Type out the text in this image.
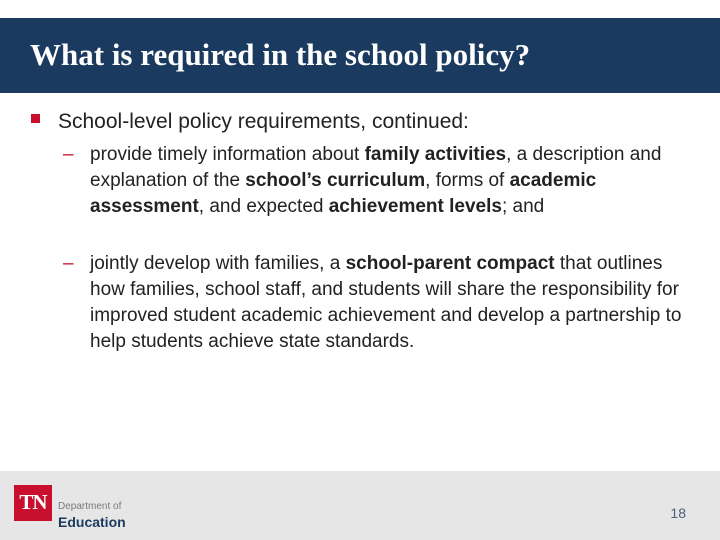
What is required in the school policy?
School-level policy requirements, continued:
– provide timely information about family activities, a description and explanation of the school’s curriculum, forms of academic assessment, and expected achievement levels; and
– jointly develop with families, a school-parent compact that outlines how families, school staff, and students will share the responsibility for improved student academic achievement and develop a partnership to help students achieve state standards.
TN	Department of
Education
18
